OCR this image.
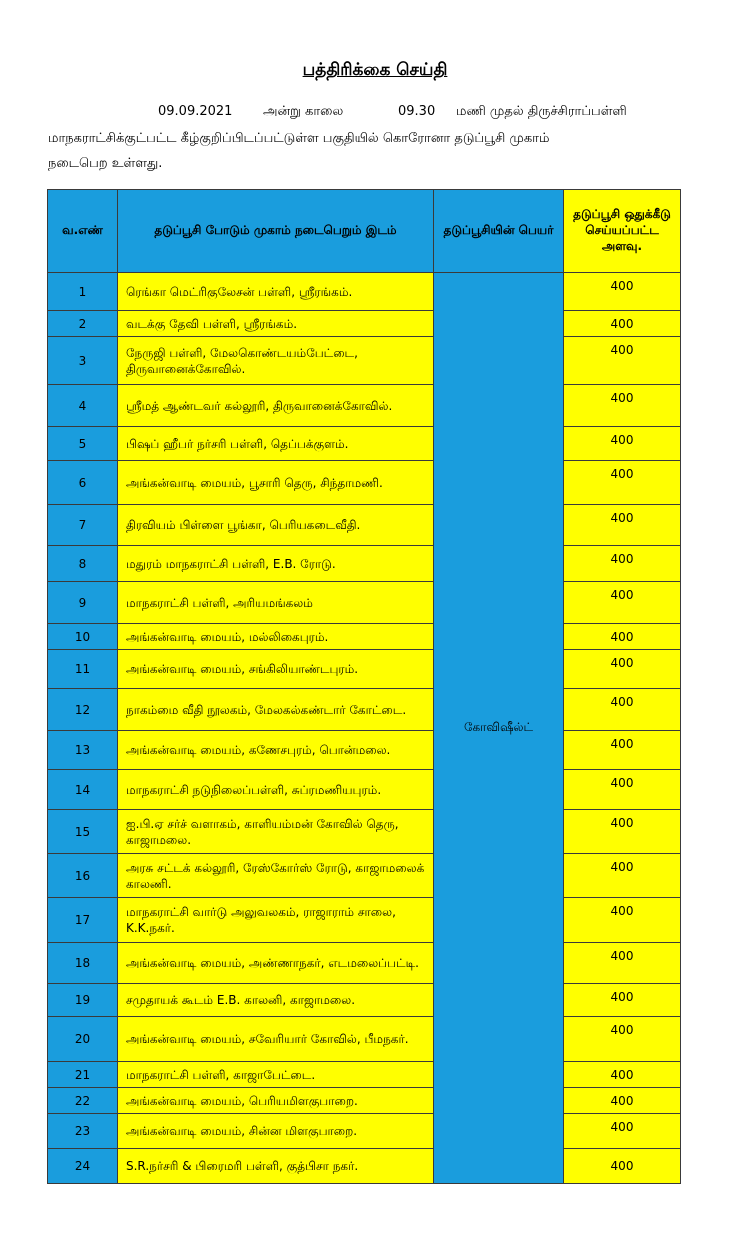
பத்திரிக்கை செய்தி
09.09.2021 அன்று காலை	09.30 மணி முதல் திருச்சிராப்பள்ளி
மாநகராட்சிக்குட்பட்ட கீழ்குறிப்பிடப்பட்டுள்ள பகுதியில் கொரோனா தடுப்பூசி முகாம்
நடைபெற உள்ளது.
வ.எண்	தடுப்பூசி போடும் முகாம் நடைபெறும் இடம்	தடுப்பூசியின் பெயர்	தடுப்பூசி ஒதுக்கீடு செய்யப்பட்ட அளவு.
1	ரெங்கா மெட்ரிகுலேசன் பள்ளி, ஸ்ரீரங்கம்.	கோவிஷீல்ட்	400
2	வடக்கு தேவி பள்ளி, ஸ்ரீரங்கம்.		400
3	நேருஜி பள்ளி, மேலகொண்டயம்பேட்டை, திருவானைக்கோவில்.		400
4	ஸ்ரீமத் ஆண்டவர் கல்லூரி, திருவானைக்கோவில்.		400
5	பிஷப் ஹீபர் நர்சரி பள்ளி, தெப்பக்குளம்.		400
6	அங்கன்வாடி மையம், பூசாரி தெரு, சிந்தாமணி.		400
7	திரவியம் பிள்ளை பூங்கா, பெரியகடைவீதி.		400
8	மதுரம் மாநகராட்சி பள்ளி, E.B. ரோடு.		400
9	மாநகராட்சி பள்ளி, அரியமங்கலம்		400
10	அங்கன்வாடி மையம், மல்லிகைபுரம்.		400
11	அங்கன்வாடி மையம், சங்கிலியாண்டபுரம்.		400
12	நாகம்மை வீதி நூலகம், மேலகல்கண்டார் கோட்டை.		400
13	அங்கன்வாடி மையம், கணேசபுரம், பொன்மலை.		400
14	மாநகராட்சி நடுநிலைப்பள்ளி, சுப்ரமணியபுரம்.		400
15	ஐ.பி.ஏ சர்ச் வளாகம், காளியம்மன் கோவில் தெரு, காஜாமலை.		400
16	அரசு சட்டக் கல்லூரி, ரேஸ்கோர்ஸ் ரோடு, காஜாமலைக் காலணி.		400
17	மாநகராட்சி வார்டு அலுவலகம், ராஜாராம் சாலை, K.K.நகர்.		400
18	அங்கன்வாடி மையம், அண்ணாநகர், எடமலைப்பட்டி.		400
19	சமுதாயக் கூடம் E.B. காலனி, காஜாமலை.		400
20	அங்கன்வாடி மையம், சவேரியார் கோவில், பீமநகர்.		400
21	மாநகராட்சி பள்ளி, காஜாபேட்டை.		400
22	அங்கன்வாடி மையம், பெரியமிளகுபாறை.		400
23	அங்கன்வாடி மையம், சின்ன மிளகுபாறை.		400
24	S.R.நர்சரி & பிரைமரி பள்ளி, குத்பிசா நகர்.		400
